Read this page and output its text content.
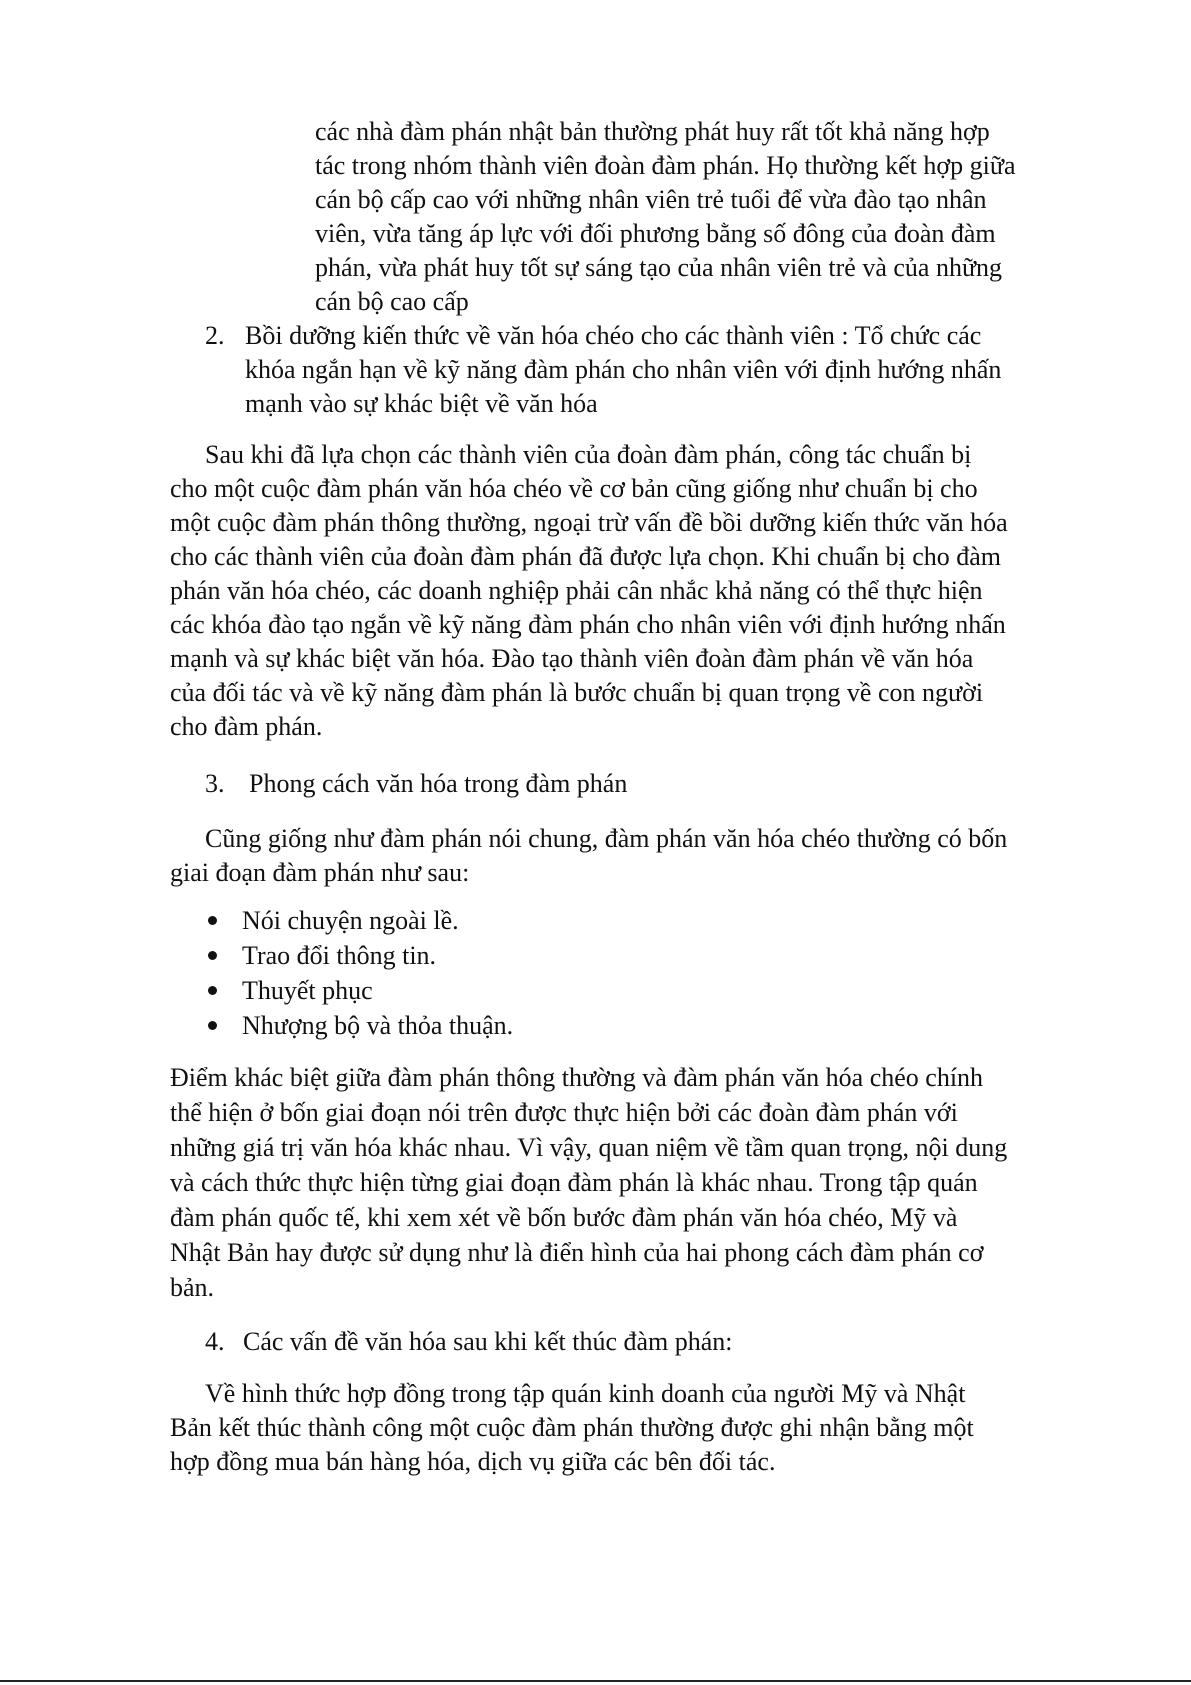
các nhà đàm phán nhật bản thường phát huy rất tốt khả năng hợp
tác trong nhóm thành viên đoàn đàm phán. Họ thường kết hợp giữa
cán bộ cấp cao với những nhân viên trẻ tuổi để vừa đào tạo nhân
viên, vừa tăng áp lực với đối phương bằng số đông của đoàn đàm
phán, vừa phát huy tốt sự sáng tạo của nhân viên trẻ và của những
cán bộ cao cấp
2. Bồi dưỡng kiến thức về văn hóa chéo cho các thành viên : Tổ chức các
khóa ngắn hạn về kỹ năng đàm phán cho nhân viên với định hướng nhấn
mạnh vào sự khác biệt về văn hóa
Sau khi đã lựa chọn các thành viên của đoàn đàm phán, công tác chuẩn bị
cho một cuộc đàm phán văn hóa chéo về cơ bản cũng giống như chuẩn bị cho
một cuộc đàm phán thông thường, ngoại trừ vấn đề bồi dưỡng kiến thức văn hóa
cho các thành viên của đoàn đàm phán đã được lựa chọn. Khi chuẩn bị cho đàm
phán văn hóa chéo, các doanh nghiệp phải cân nhắc khả năng có thể thực hiện
các khóa đào tạo ngắn về kỹ năng đàm phán cho nhân viên với định hướng nhấn
mạnh và sự khác biệt văn hóa. Đào tạo thành viên đoàn đàm phán về văn hóa
của đối tác và về kỹ năng đàm phán là bước chuẩn bị quan trọng về con người
cho đàm phán.
3. Phong cách văn hóa trong đàm phán
Cũng giống như đàm phán nói chung, đàm phán văn hóa chéo thường có bốn
giai đoạn đàm phán như sau:
Nói chuyện ngoài lề.
Trao đổi thông tin.
Thuyết phục
Nhượng bộ và thỏa thuận.
Điểm khác biệt giữa đàm phán thông thường và đàm phán văn hóa chéo chính
thể hiện ở bốn giai đoạn nói trên được thực hiện bởi các đoàn đàm phán với
những giá trị văn hóa khác nhau. Vì vậy, quan niệm về tầm quan trọng, nội dung
và cách thức thực hiện từng giai đoạn đàm phán là khác nhau. Trong tập quán
đàm phán quốc tế, khi xem xét về bốn bước đàm phán văn hóa chéo, Mỹ và
Nhật Bản hay được sử dụng như là điển hình của hai phong cách đàm phán cơ
bản.
4. Các vấn đề văn hóa sau khi kết thúc đàm phán:
Về hình thức hợp đồng trong tập quán kinh doanh của người Mỹ và Nhật
Bản kết thúc thành công một cuộc đàm phán thường được ghi nhận bằng một
hợp đồng mua bán hàng hóa, dịch vụ giữa các bên đối tác.
